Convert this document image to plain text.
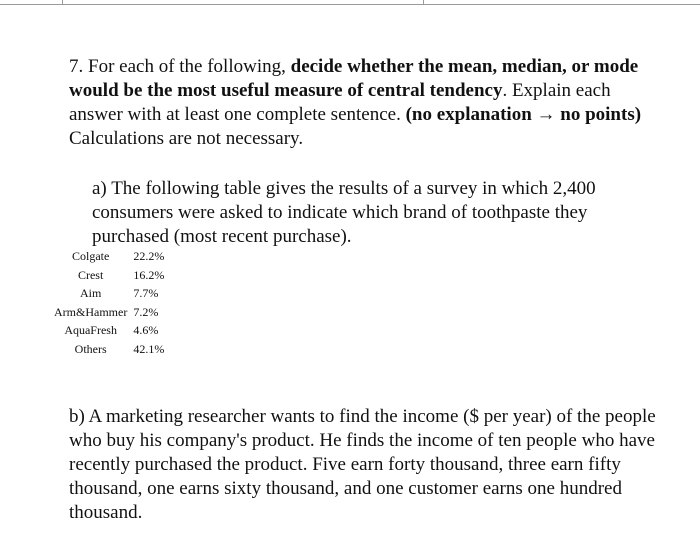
7. For each of the following, decide whether the mean, median, or mode would be the most useful measure of central tendency. Explain each answer with at least one complete sentence. (no explanation → no points) Calculations are not necessary.

a) The following table gives the results of a survey in which 2,400 consumers were asked to indicate which brand of toothpaste they purchased (most recent purchase).

Colgate	22.2%
Crest	16.2%
Aim	7.7%
Arm&Hammer	7.2%
AquaFresh	4.6%
Others	42.1%

b) A marketing researcher wants to find the income ($ per year) of the people who buy his company's product. He finds the income of ten people who have recently purchased the product. Five earn forty thousand, three earn fifty thousand, one earns sixty thousand, and one customer earns one hundred thousand.
